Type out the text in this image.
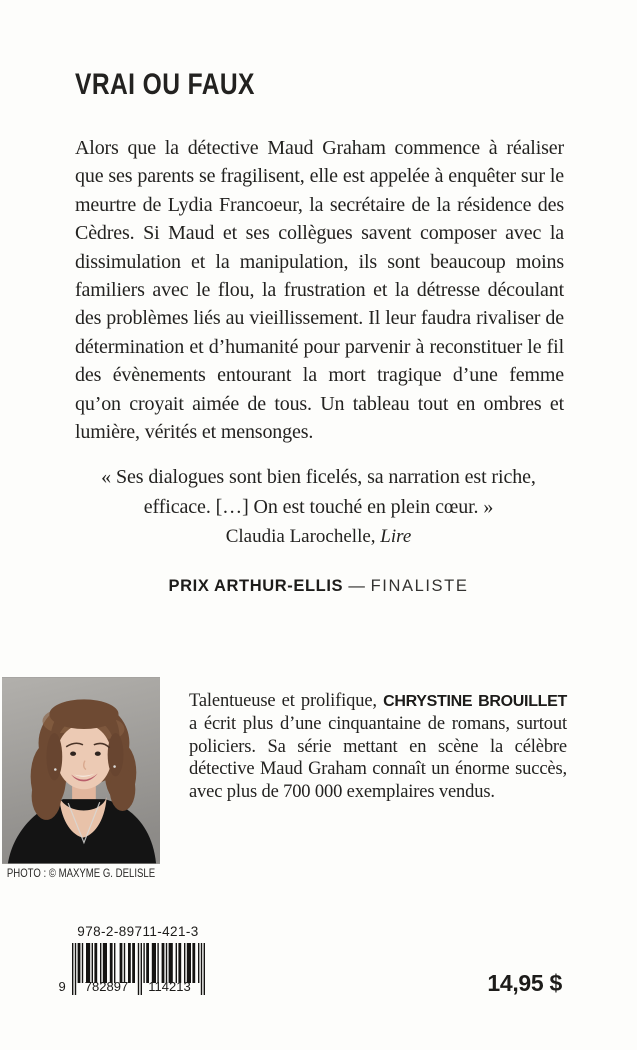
VRAI OU FAUX

Alors que la détective Maud Graham commence à réaliser que ses parents se fragilisent, elle est appelée à enquêter sur le meurtre de Lydia Francoeur, la secrétaire de la résidence des Cèdres. Si Maud et ses collègues savent composer avec la dissimulation et la manipulation, ils sont beaucoup moins familiers avec le flou, la frustration et la détresse découlant des problèmes liés au vieillissement. Il leur faudra rivaliser de détermination et d’humanité pour parvenir à reconstituer le fil des évènements entourant la mort tragique d’une femme qu’on croyait aimée de tous. Un tableau tout en ombres et lumière, vérités et mensonges.

« Ses dialogues sont bien ficelés, sa narration est riche, efficace. […] On est touché en plein cœur. »
Claudia Larochelle, Lire
PRIX ARTHUR-ELLIS — FINALISTE
PHOTO : © MAXYME G. DELISLE

Talentueuse et prolifique, CHRYSTINE BROUILLET a écrit plus d’une cinquantaine de romans, surtout policiers. Sa série mettant en scène la célèbre détective Maud Graham connaît un énorme succès, avec plus de 700 000 exemplaires vendus.

978-2-89711-421-3
9	782897	114213	14,95 $
